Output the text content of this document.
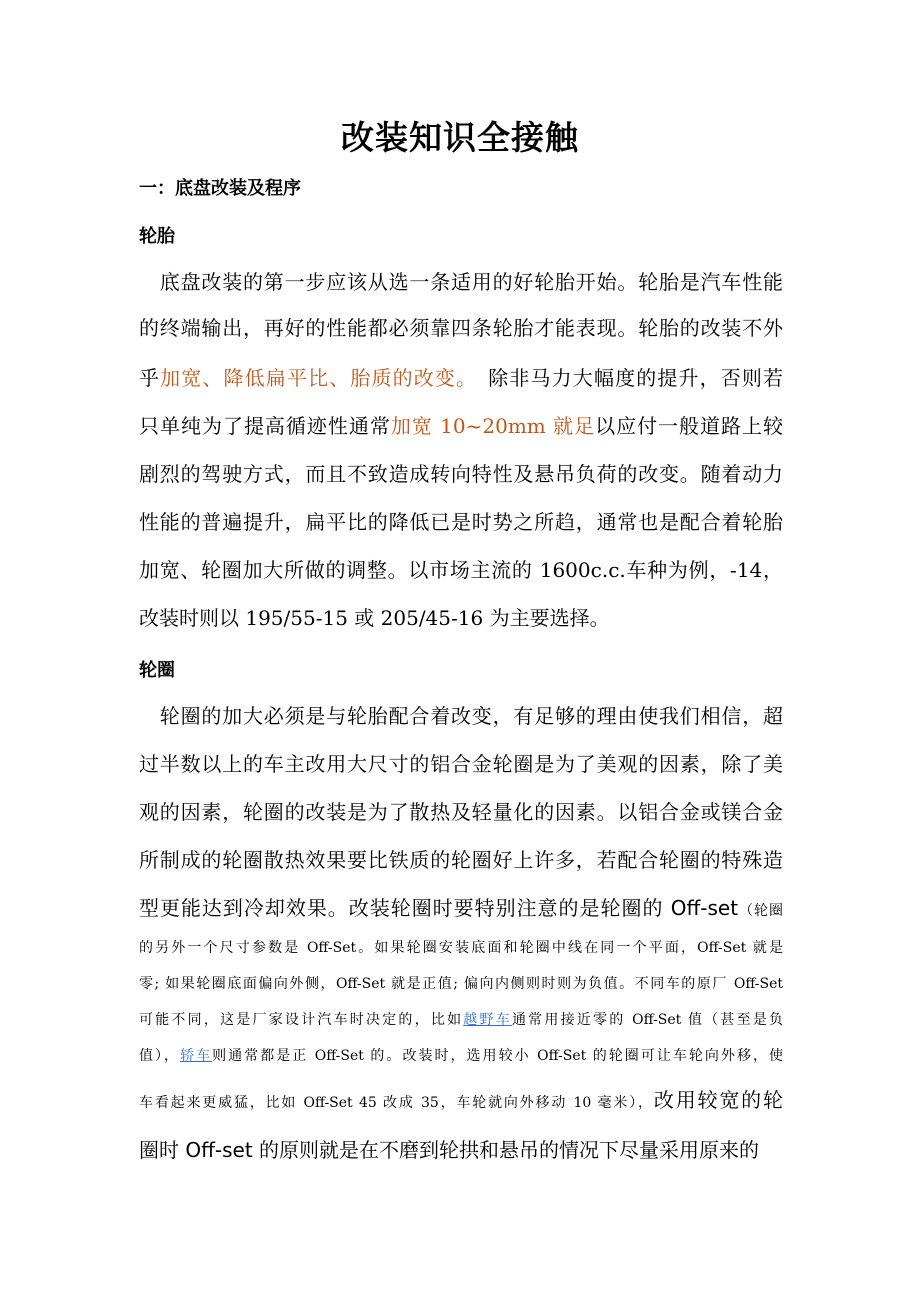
改装知识全接触
一：底盘改装及程序
轮胎
　底盘改装的第一步应该从选一条适用的好轮胎开始。轮胎是汽车性能
的终端输出，再好的性能都必须靠四条轮胎才能表现。轮胎的改装不外
乎加宽、降低扁平比、胎质的改变。　除非马力大幅度的提升，否则若
只单纯为了提高循迹性通常加宽 10~20mm 就足以应付一般道路上较
剧烈的驾驶方式，而且不致造成转向特性及悬吊负荷的改变。随着动力
性能的普遍提升，扁平比的降低已是时势之所趋，通常也是配合着轮胎
加宽、轮圈加大所做的调整。以市场主流的 1600c.c.车种为例，-14，
改装时则以 195/55-15 或 205/45-16 为主要选择。
轮圈
　轮圈的加大必须是与轮胎配合着改变，有足够的理由使我们相信，超
过半数以上的车主改用大尺寸的铝合金轮圈是为了美观的因素，除了美
观的因素，轮圈的改装是为了散热及轻量化的因素。以铝合金或镁合金
所制成的轮圈散热效果要比铁质的轮圈好上许多，若配合轮圈的特殊造
型更能达到冷却效果。改装轮圈时要特别注意的是轮圈的 Off-set（轮圈
的另外一个尺寸参数是 Off-Set。如果轮圈安装底面和轮圈中线在同一个平面，Off-Set 就是
零; 如果轮圈底面偏向外侧，Off-Set 就是正值; 偏向内侧则时则为负值。不同车的原厂 Off-Set
可能不同，这是厂家设计汽车时决定的，比如越野车通常用接近零的 Off-Set 值（甚至是负
值），轿车则通常都是正 Off-Set 的。改装时，选用较小 Off-Set 的轮圈可让车轮向外移，使
车看起来更威猛，比如 Off-Set 45 改成 35，车轮就向外移动 10 毫米），改用较宽的轮
圈时 Off-set 的原则就是在不磨到轮拱和悬吊的情况下尽量采用原来的
